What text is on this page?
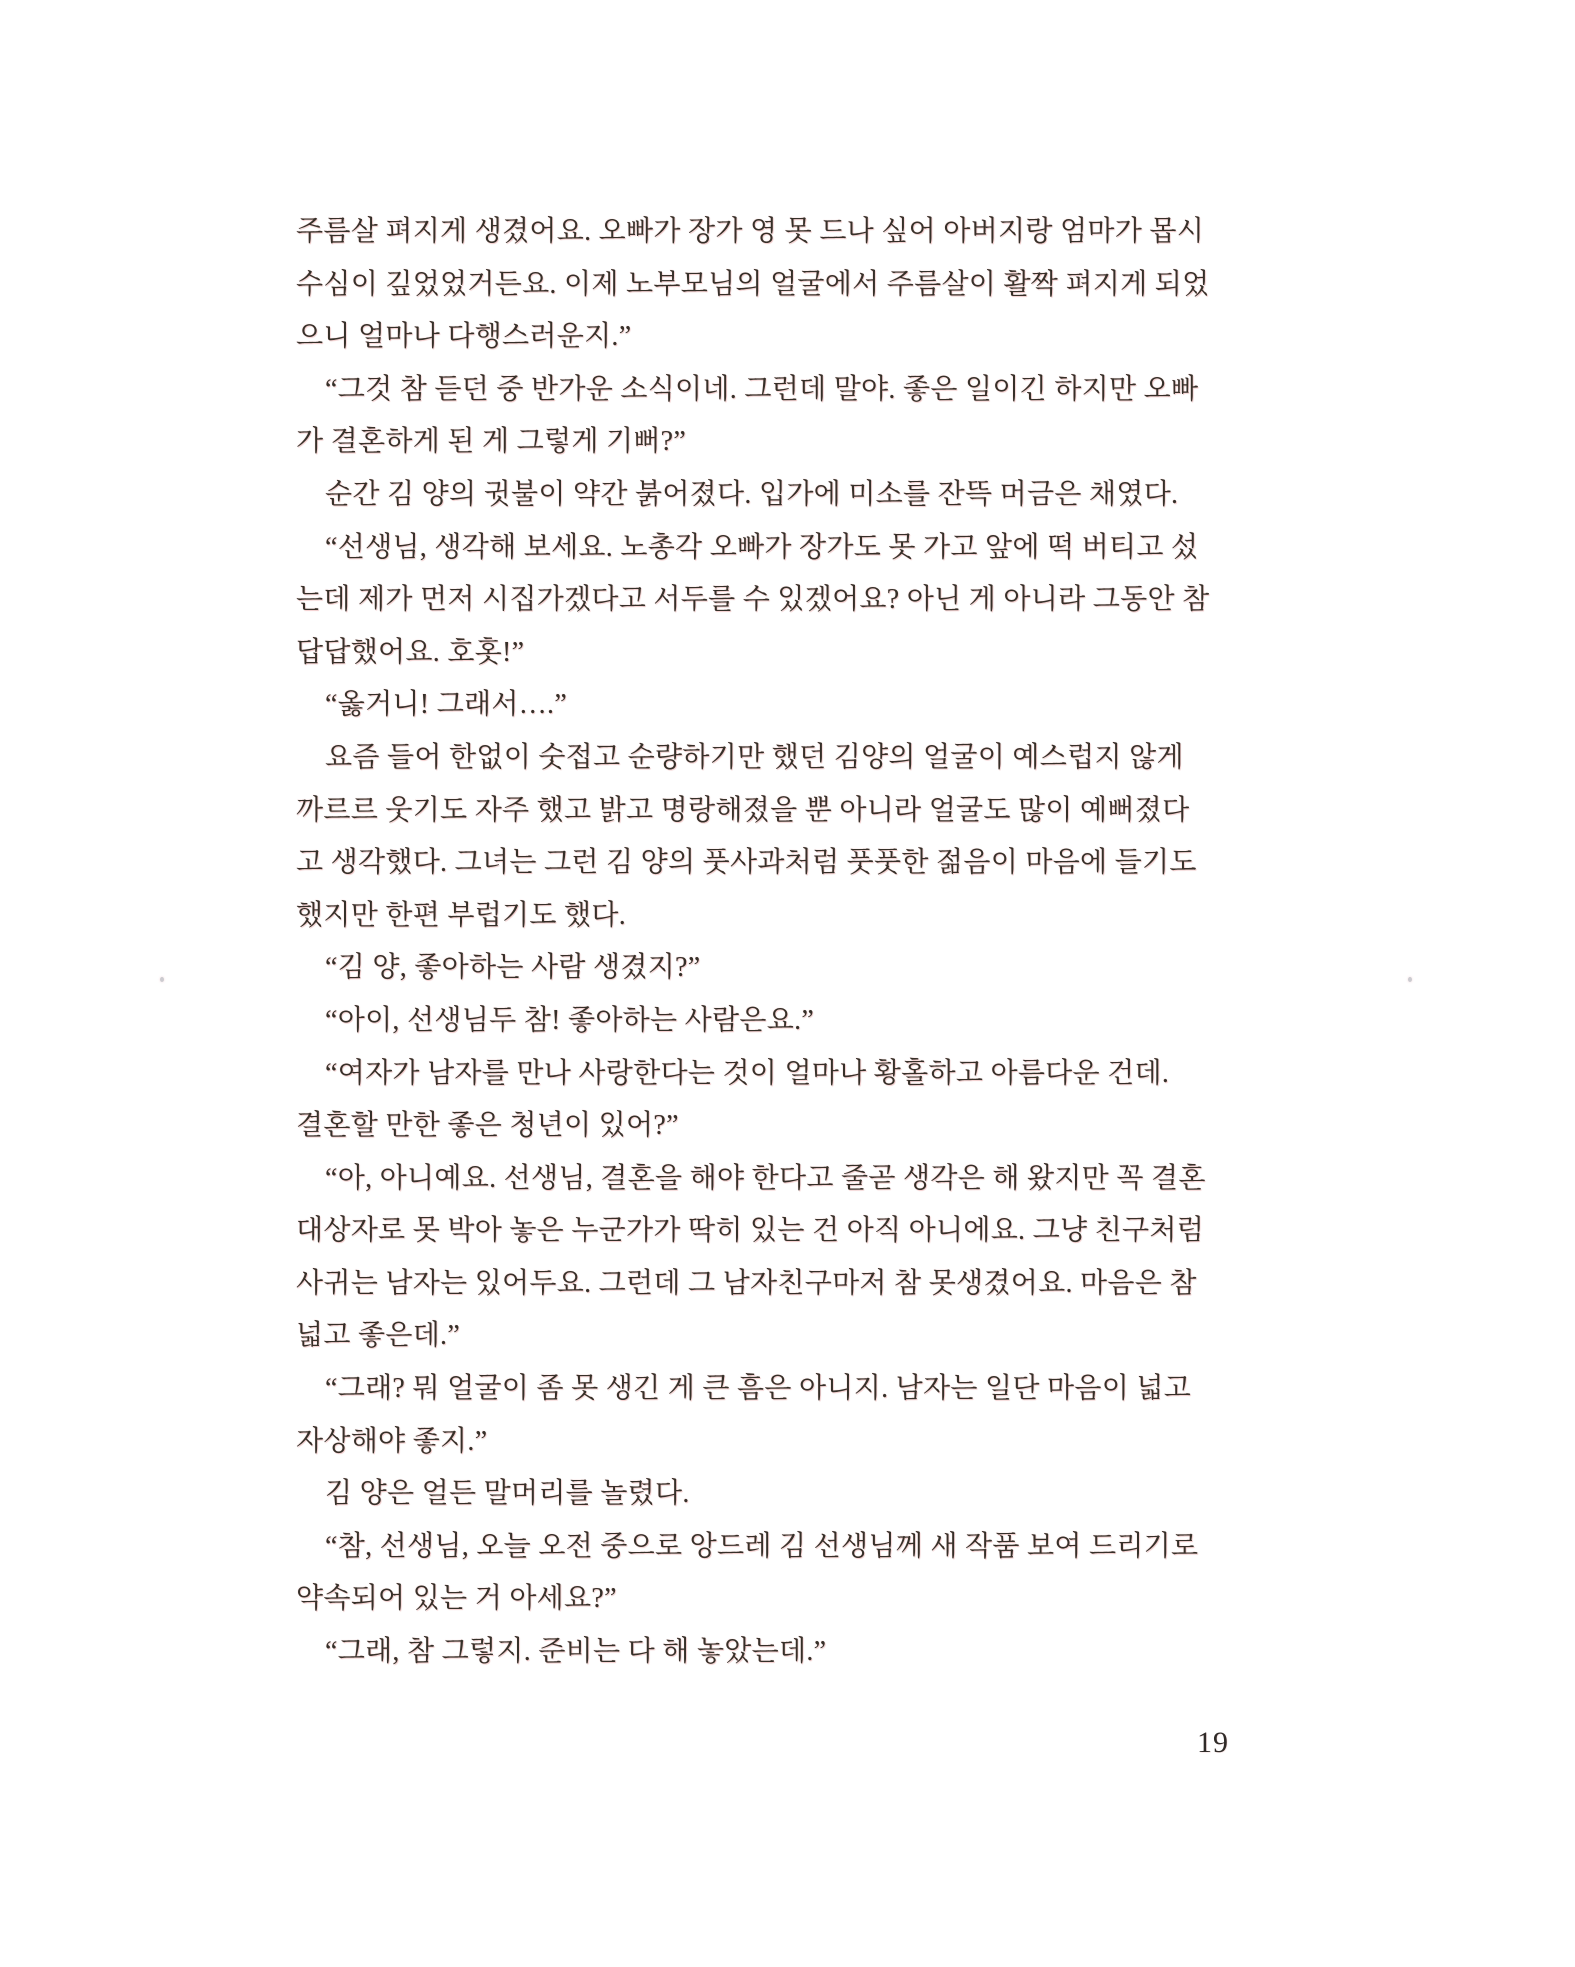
주름살 펴지게 생겼어요. 오빠가 장가 영 못 드나 싶어 아버지랑 엄마가 몹시
수심이 깊었었거든요. 이제 노부모님의 얼굴에서 주름살이 활짝 펴지게 되었
으니 얼마나 다행스러운지.”
“그것 참 듣던 중 반가운 소식이네. 그런데 말야. 좋은 일이긴 하지만 오빠
가 결혼하게 된 게 그렇게 기뻐?”
순간 김 양의 귓불이 약간 붉어졌다. 입가에 미소를 잔뜩 머금은 채였다.
“선생님, 생각해 보세요. 노총각 오빠가 장가도 못 가고 앞에 떡 버티고 섰
는데 제가 먼저 시집가겠다고 서두를 수 있겠어요? 아닌 게 아니라 그동안 참
답답했어요. 호홋!”
“옳거니! 그래서….”
요즘 들어 한없이 숫접고 순량하기만 했던 김양의 얼굴이 예스럽지 않게
까르르 웃기도 자주 했고 밝고 명랑해졌을 뿐 아니라 얼굴도 많이 예뻐졌다
고 생각했다. 그녀는 그런 김 양의 풋사과처럼 풋풋한 젊음이 마음에 들기도
했지만 한편 부럽기도 했다.
“김 양, 좋아하는 사람 생겼지?”
“아이, 선생님두 참! 좋아하는 사람은요.”
“여자가 남자를 만나 사랑한다는 것이 얼마나 황홀하고 아름다운 건데.
결혼할 만한 좋은 청년이 있어?”
“아, 아니예요. 선생님, 결혼을 해야 한다고 줄곧 생각은 해 왔지만 꼭 결혼
대상자로 못 박아 놓은 누군가가 딱히 있는 건 아직 아니에요. 그냥 친구처럼
사귀는 남자는 있어두요. 그런데 그 남자친구마저 참 못생겼어요. 마음은 참
넓고 좋은데.”
“그래? 뭐 얼굴이 좀 못 생긴 게 큰 흠은 아니지. 남자는 일단 마음이 넓고
자상해야 좋지.”
김 양은 얼든 말머리를 놀렸다.
“참, 선생님, 오늘 오전 중으로 앙드레 김 선생님께 새 작품 보여 드리기로
약속되어 있는 거 아세요?”
“그래, 참 그렇지. 준비는 다 해 놓았는데.”
19
